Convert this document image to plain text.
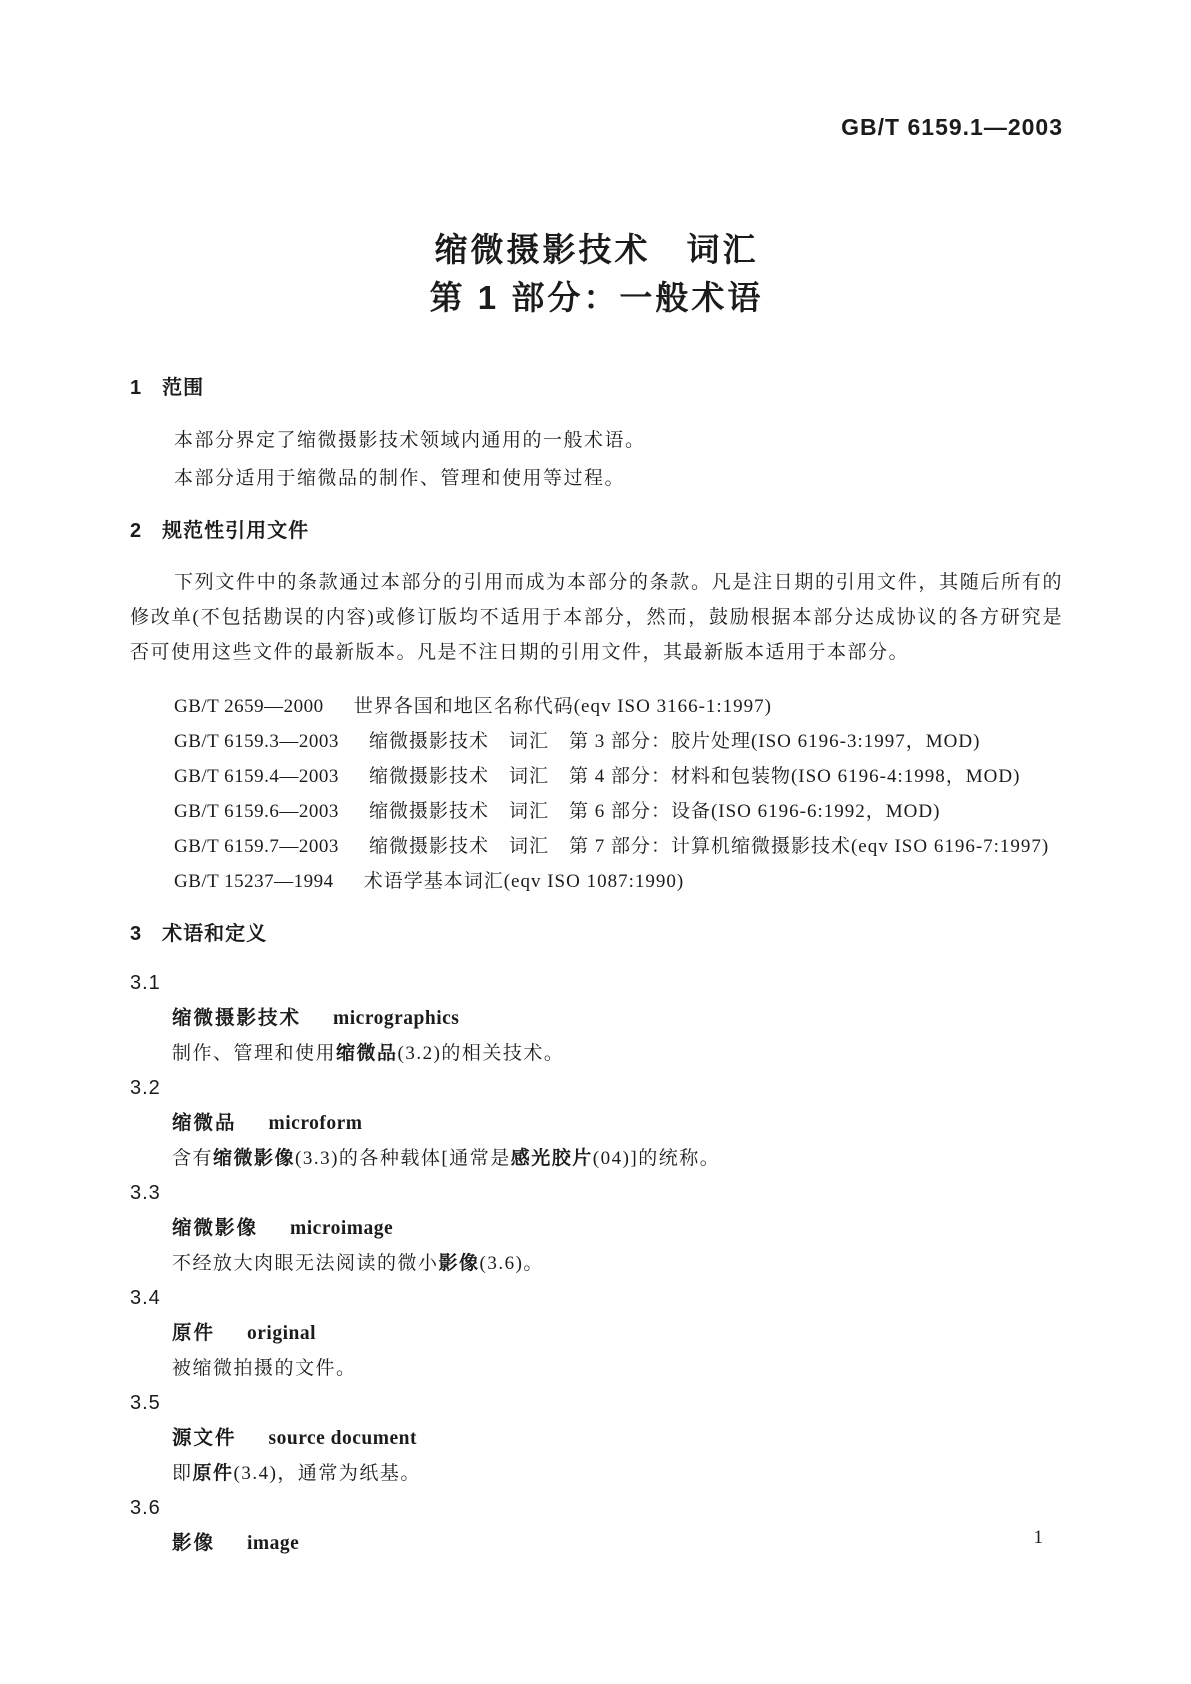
GB/T 6159.1—2003
缩微摄影技术　词汇
第 1 部分：一般术语
1 范围

本部分界定了缩微摄影技术领域内通用的一般术语。

本部分适用于缩微品的制作、管理和使用等过程。

2 规范性引用文件

下列文件中的条款通过本部分的引用而成为本部分的条款。凡是注日期的引用文件，其随后所有的修改单(不包括勘误的内容)或修订版均不适用于本部分，然而，鼓励根据本部分达成协议的各方研究是否可使用这些文件的最新版本。凡是不注日期的引用文件，其最新版本适用于本部分。

GB/T 2659—2000 世界各国和地区名称代码(eqv ISO 3166-1:1997)
GB/T 6159.3—2003 缩微摄影技术　词汇　第 3 部分：胶片处理(ISO 6196-3:1997，MOD)
GB/T 6159.4—2003 缩微摄影技术　词汇　第 4 部分：材料和包装物(ISO 6196-4:1998，MOD)
GB/T 6159.6—2003 缩微摄影技术　词汇　第 6 部分：设备(ISO 6196-6:1992，MOD)
GB/T 6159.7—2003 缩微摄影技术　词汇　第 7 部分：计算机缩微摄影技术(eqv ISO 6196-7:1997)
GB/T 15237—1994 术语学基本词汇(eqv ISO 1087:1990)
3 术语和定义
3.1
缩微摄影技术 micrographics
制作、管理和使用缩微品(3.2)的相关技术。
3.2
缩微品 microform
含有缩微影像(3.3)的各种载体[通常是感光胶片(04)]的统称。
3.3
缩微影像 microimage
不经放大肉眼无法阅读的微小影像(3.6)。
3.4
原件 original
被缩微拍摄的文件。
3.5
源文件 source document
即原件(3.4)，通常为纸基。
3.6
影像 image	1
